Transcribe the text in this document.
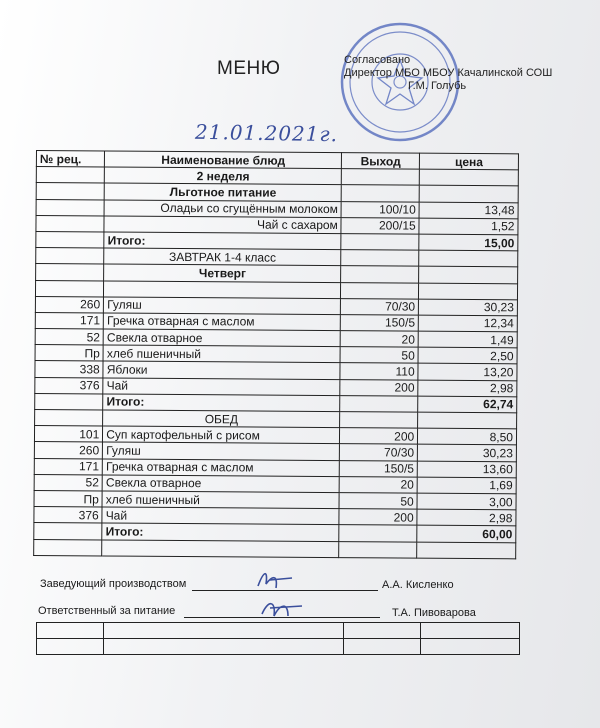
МЕНЮ	Согласовано
Директор МБО МБОУ Качалинской СОШ
Г.М. Голубь
21.01.2021г.
№ рец.	Наименование блюд	Выход	цена
	2 неделя		
	Льготное питание		
	Оладьи со сгущённым молоком	100/10	13,48
	Чай с сахаром	200/15	1,52
	Итого:		15,00
	ЗАВТРАК 1-4 класс		
	Четверг		

260	Гуляш	70/30	30,23
171	Гречка отварная с маслом	150/5	12,34
52	Свекла отварное	20	1,49
Пр	хлеб пшеничный	50	2,50
338	Яблоки	110	13,20
376	Чай	200	2,98
	Итого:		62,74
	ОБЕД		
101	Суп картофельный с рисом	200	8,50
260	Гуляш	70/30	30,23
171	Гречка отварная с маслом	150/5	13,60
52	Свекла отварное	20	1,69
Пр	хлеб пшеничный	50	3,00
376	Чай	200	2,98
	Итого:		60,00

Заведующий производством	А.А. Кисленко
Ответственный за питание	Т.А. Пивоварова
